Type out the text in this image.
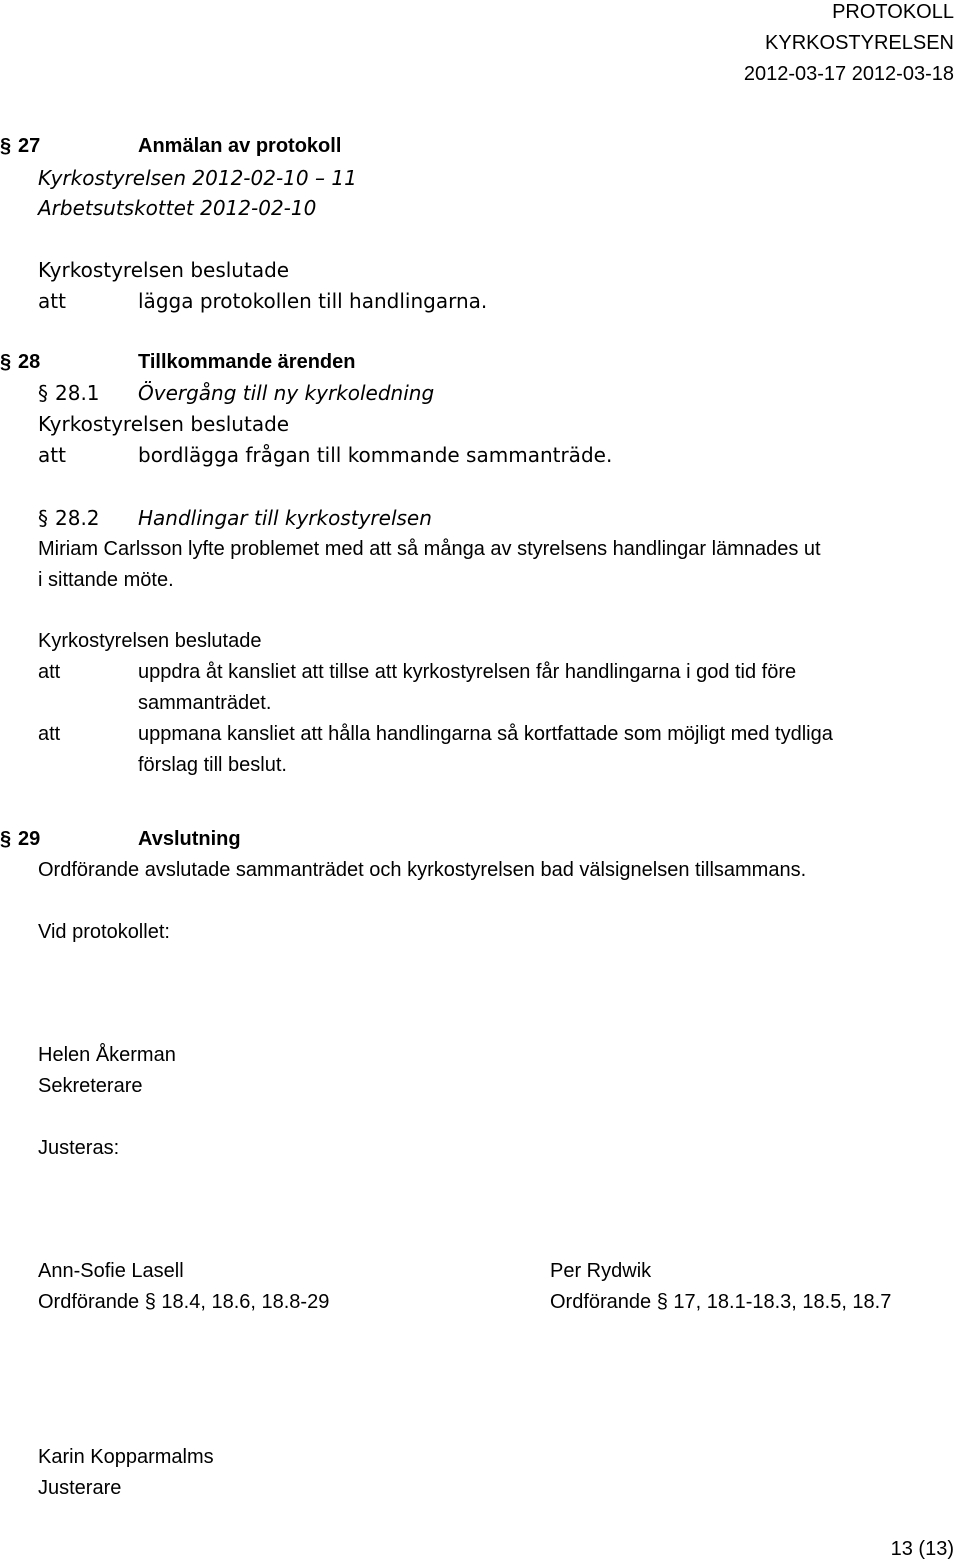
PROTOKOLL
KYRKOSTYRELSEN
2012-03-17 2012-03-18
§ 27	Anmälan av protokoll
Kyrkostyrelsen 2012-02-10 – 11
Arbetsutskottet 2012-02-10
Kyrkostyrelsen beslutade
att	lägga protokollen till handlingarna.
§ 28	Tillkommande ärenden
§ 28.1 Övergång till ny kyrkoledning
Kyrkostyrelsen beslutade
att	bordlägga frågan till kommande sammanträde.
§ 28.2 Handlingar till kyrkostyrelsen
Miriam Carlsson lyfte problemet med att så många av styrelsens handlingar lämnades ut
i sittande möte.
Kyrkostyrelsen beslutade
att	uppdra åt kansliet att tillse att kyrkostyrelsen får handlingarna i god tid före
sammanträdet.
att	uppmana kansliet att hålla handlingarna så kortfattade som möjligt med tydliga
förslag till beslut.
§ 29	Avslutning
Ordförande avslutade sammanträdet och kyrkostyrelsen bad välsignelsen tillsammans.
Vid protokollet:
Helen Åkerman
Sekreterare
Justeras:
Ann-Sofie Lasell
Ordförande § 18.4, 18.6, 18.8-29
Per Rydwik
Ordförande § 17, 18.1-18.3, 18.5, 18.7
Karin Kopparmalms
Justerare
13 (13)
